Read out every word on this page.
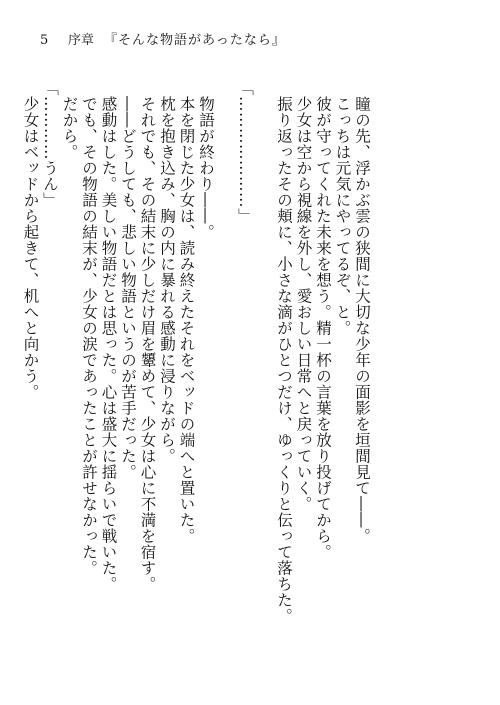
5 序章 『そんな物語があったなら』
瞳の先、浮かぶ雲の狭間に大切な少年の面影を垣間見て――。
こっちは元気にやってるぞ、と。
彼が守ってくれた未来を想う。精一杯の言葉を放り投げてから。
少女は空から視線を外し、愛おしい日常へと戻っていく。
振り返ったその頬に、小さな滴がひとつだけ、ゆっくりと伝って落ちた。
「…………………」
物語が終わり――。
本を閉じた少女は、読み終えたそれをベッドの端へと置いた。
枕を抱き込み、胸の内に暴れる感動に浸りながら。
それでも、その結末に少しだけ眉を顰めて、少女は心に不満を宿す。
――どうしても、悲しい物語というのが苦手だった。
感動はした。美しい物語だとは思った。心は盛大に揺らいで戦いた。
でも、その物語の結末が、少女の涙であったことが許せなかった。
だから。
「…………うん」
少女はベッドから起きて、机へと向かう。
